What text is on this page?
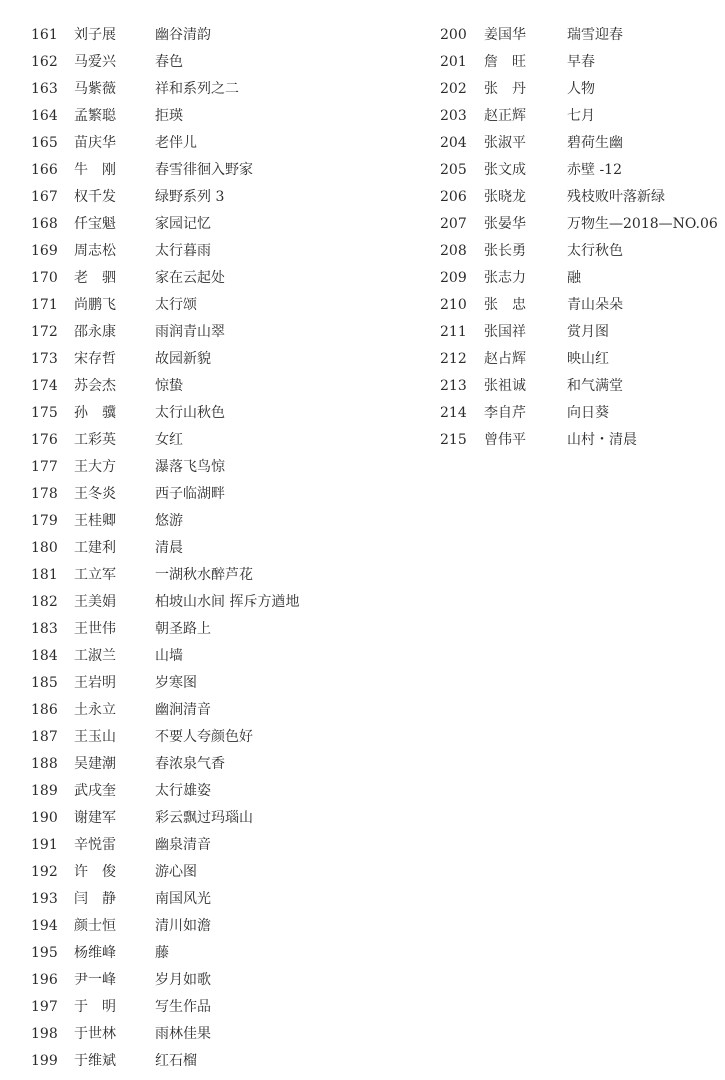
161 刘子展	幽谷清韵
162 马爱兴	春色
163 马紫薇	祥和系列之二
164 孟繁聪	拒瑛
165 苗庆华	老伴儿
166 牛　刚	春雪徘徊入野家
167 权千发	绿野系列 3
168 仟宝魁	家园记忆
169 周志松	太行暮雨
170 老　驷	家在云起处
171 尚鹏飞	太行颂
172 邵永康	雨润青山翠
173 宋存哲	故园新貌
174 苏会杰	惊蛰
175 孙　骥	太行山秋色
176 工彩英	女红
177 王大方	瀑落飞鸟惊
178 王冬炎	西子临湖畔
179 王桂卿	悠游
180 工建利	清晨
181 工立军	一湖秋水醉芦花
182 王美娟	柏坡山水间 挥斥方遒地
183 王世伟	朝圣路上
184 工淑兰	山墙
185 王岩明	岁寒图
186 土永立	幽涧清音
187 王玉山	不要人夸颜色好
188 吴建潮	春浓泉气香
189 武戌奎	太行雄姿
190 谢建军	彩云飘过玛瑙山
191 辛悦雷	幽泉清音
192 许　俊	游心图
193 闫　静	南国风光
194 颜士恒	清川如澹
195 杨维峰	藤
196 尹一峰	岁月如歌
197 于　明	写生作品
198 于世林	雨林佳果
199 于维斌	红石榴
200 姜国华	瑞雪迎春
201 詹　旺	早春
202 张　丹	人物
203 赵正辉	七月
204 张淑平	碧荷生幽
205 张文成	赤壁 -12
206 张晓龙	残枝败叶落新绿
207 张晏华	万物生—2018—NO.06
208 张长勇	太行秋色
209 张志力	融
210 张　忠	青山朵朵
211 张国祥	赏月图
212 赵占辉	映山红
213 张祖诚	和气满堂
214 李自芹	向日葵
215 曾伟平	山村・清晨
